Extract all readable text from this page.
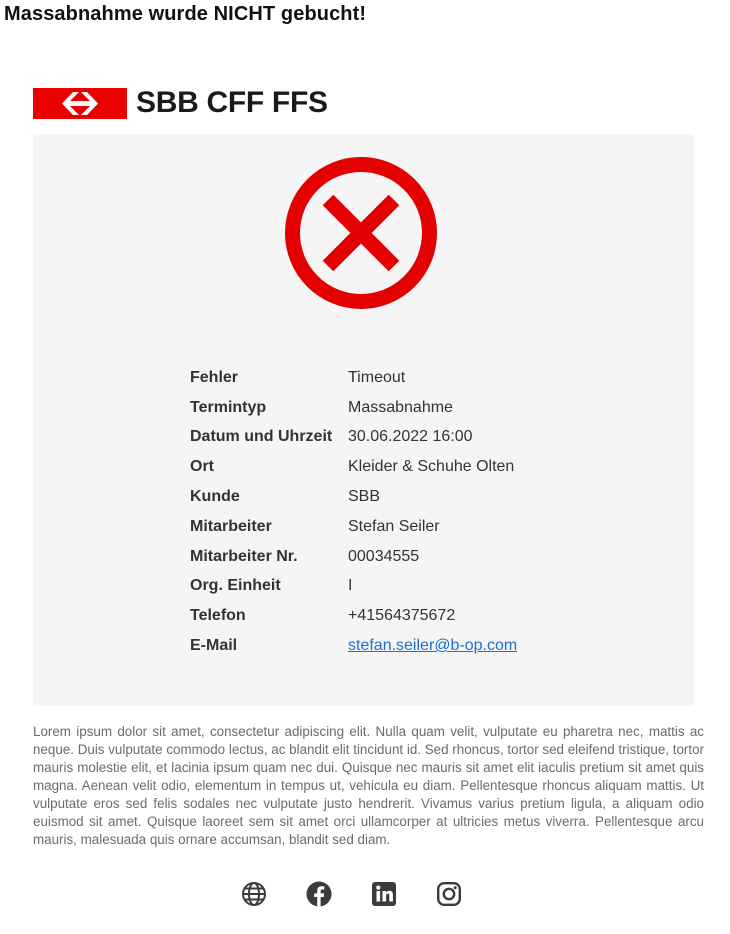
Massabnahme wurde NICHT gebucht!
SBB CFF FFS
Fehler	Timeout
Termintyp	Massabnahme
Datum und Uhrzeit 30.06.2022 16:00
Ort	Kleider & Schuhe Olten
Kunde	SBB
Mitarbeiter	Stefan Seiler
Mitarbeiter Nr.	00034555
Org. Einheit	I
Telefon	+41564375672
E-Mail	stefan.seiler@b-op.com

Lorem ipsum dolor sit amet, consectetur adipiscing elit. Nulla quam velit, vulputate eu pharetra nec, mattis ac neque. Duis vulputate commodo lectus, ac blandit elit tincidunt id. Sed rhoncus, tortor sed eleifend tristique, tortor mauris molestie elit, et lacinia ipsum quam nec dui. Quisque nec mauris sit amet elit iaculis pretium sit amet quis magna. Aenean velit odio, elementum in tempus ut, vehicula eu diam. Pellentesque rhoncus aliquam mattis. Ut vulputate eros sed felis sodales nec vulputate justo hendrerit. Vivamus varius pretium ligula, a aliquam odio euismod sit amet. Quisque laoreet sem sit amet orci ullamcorper at ultricies metus viverra. Pellentesque arcu mauris, malesuada quis ornare accumsan, blandit sed diam.
